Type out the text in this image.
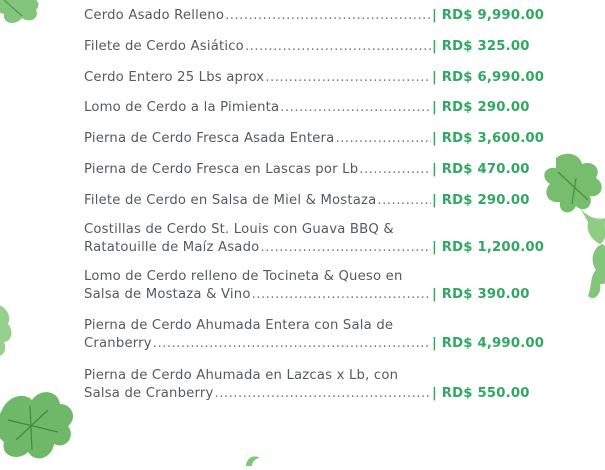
Cerdo Asado Relleno .....	| RD$ 9,990.00
Filete de Cerdo Asiático .....	| RD$ 325.00
Cerdo Entero 25 Lbs aprox .....	| RD$ 6,990.00
Lomo de Cerdo a la Pimienta .....	| RD$ 290.00
Pierna de Cerdo Fresca Asada Entera .....	| RD$ 3,600.00
Pierna de Cerdo Fresca en Lascas por Lb .....	| RD$ 470.00
Filete de Cerdo en Salsa de Miel & Mostaza .....	| RD$ 290.00
Costillas de Cerdo St. Louis con Guava BBQ &
Ratatouille de Maíz Asado .....	| RD$ 1,200.00
Lomo de Cerdo relleno de Tocineta & Queso en
Salsa de Mostaza & Vino .....	| RD$ 390.00
Pierna de Cerdo Ahumada Entera con Sala de
Cranberry .....	| RD$ 4,990.00
Pierna de Cerdo Ahumada en Lazcas x Lb, con
Salsa de Cranberry .....	| RD$ 550.00
